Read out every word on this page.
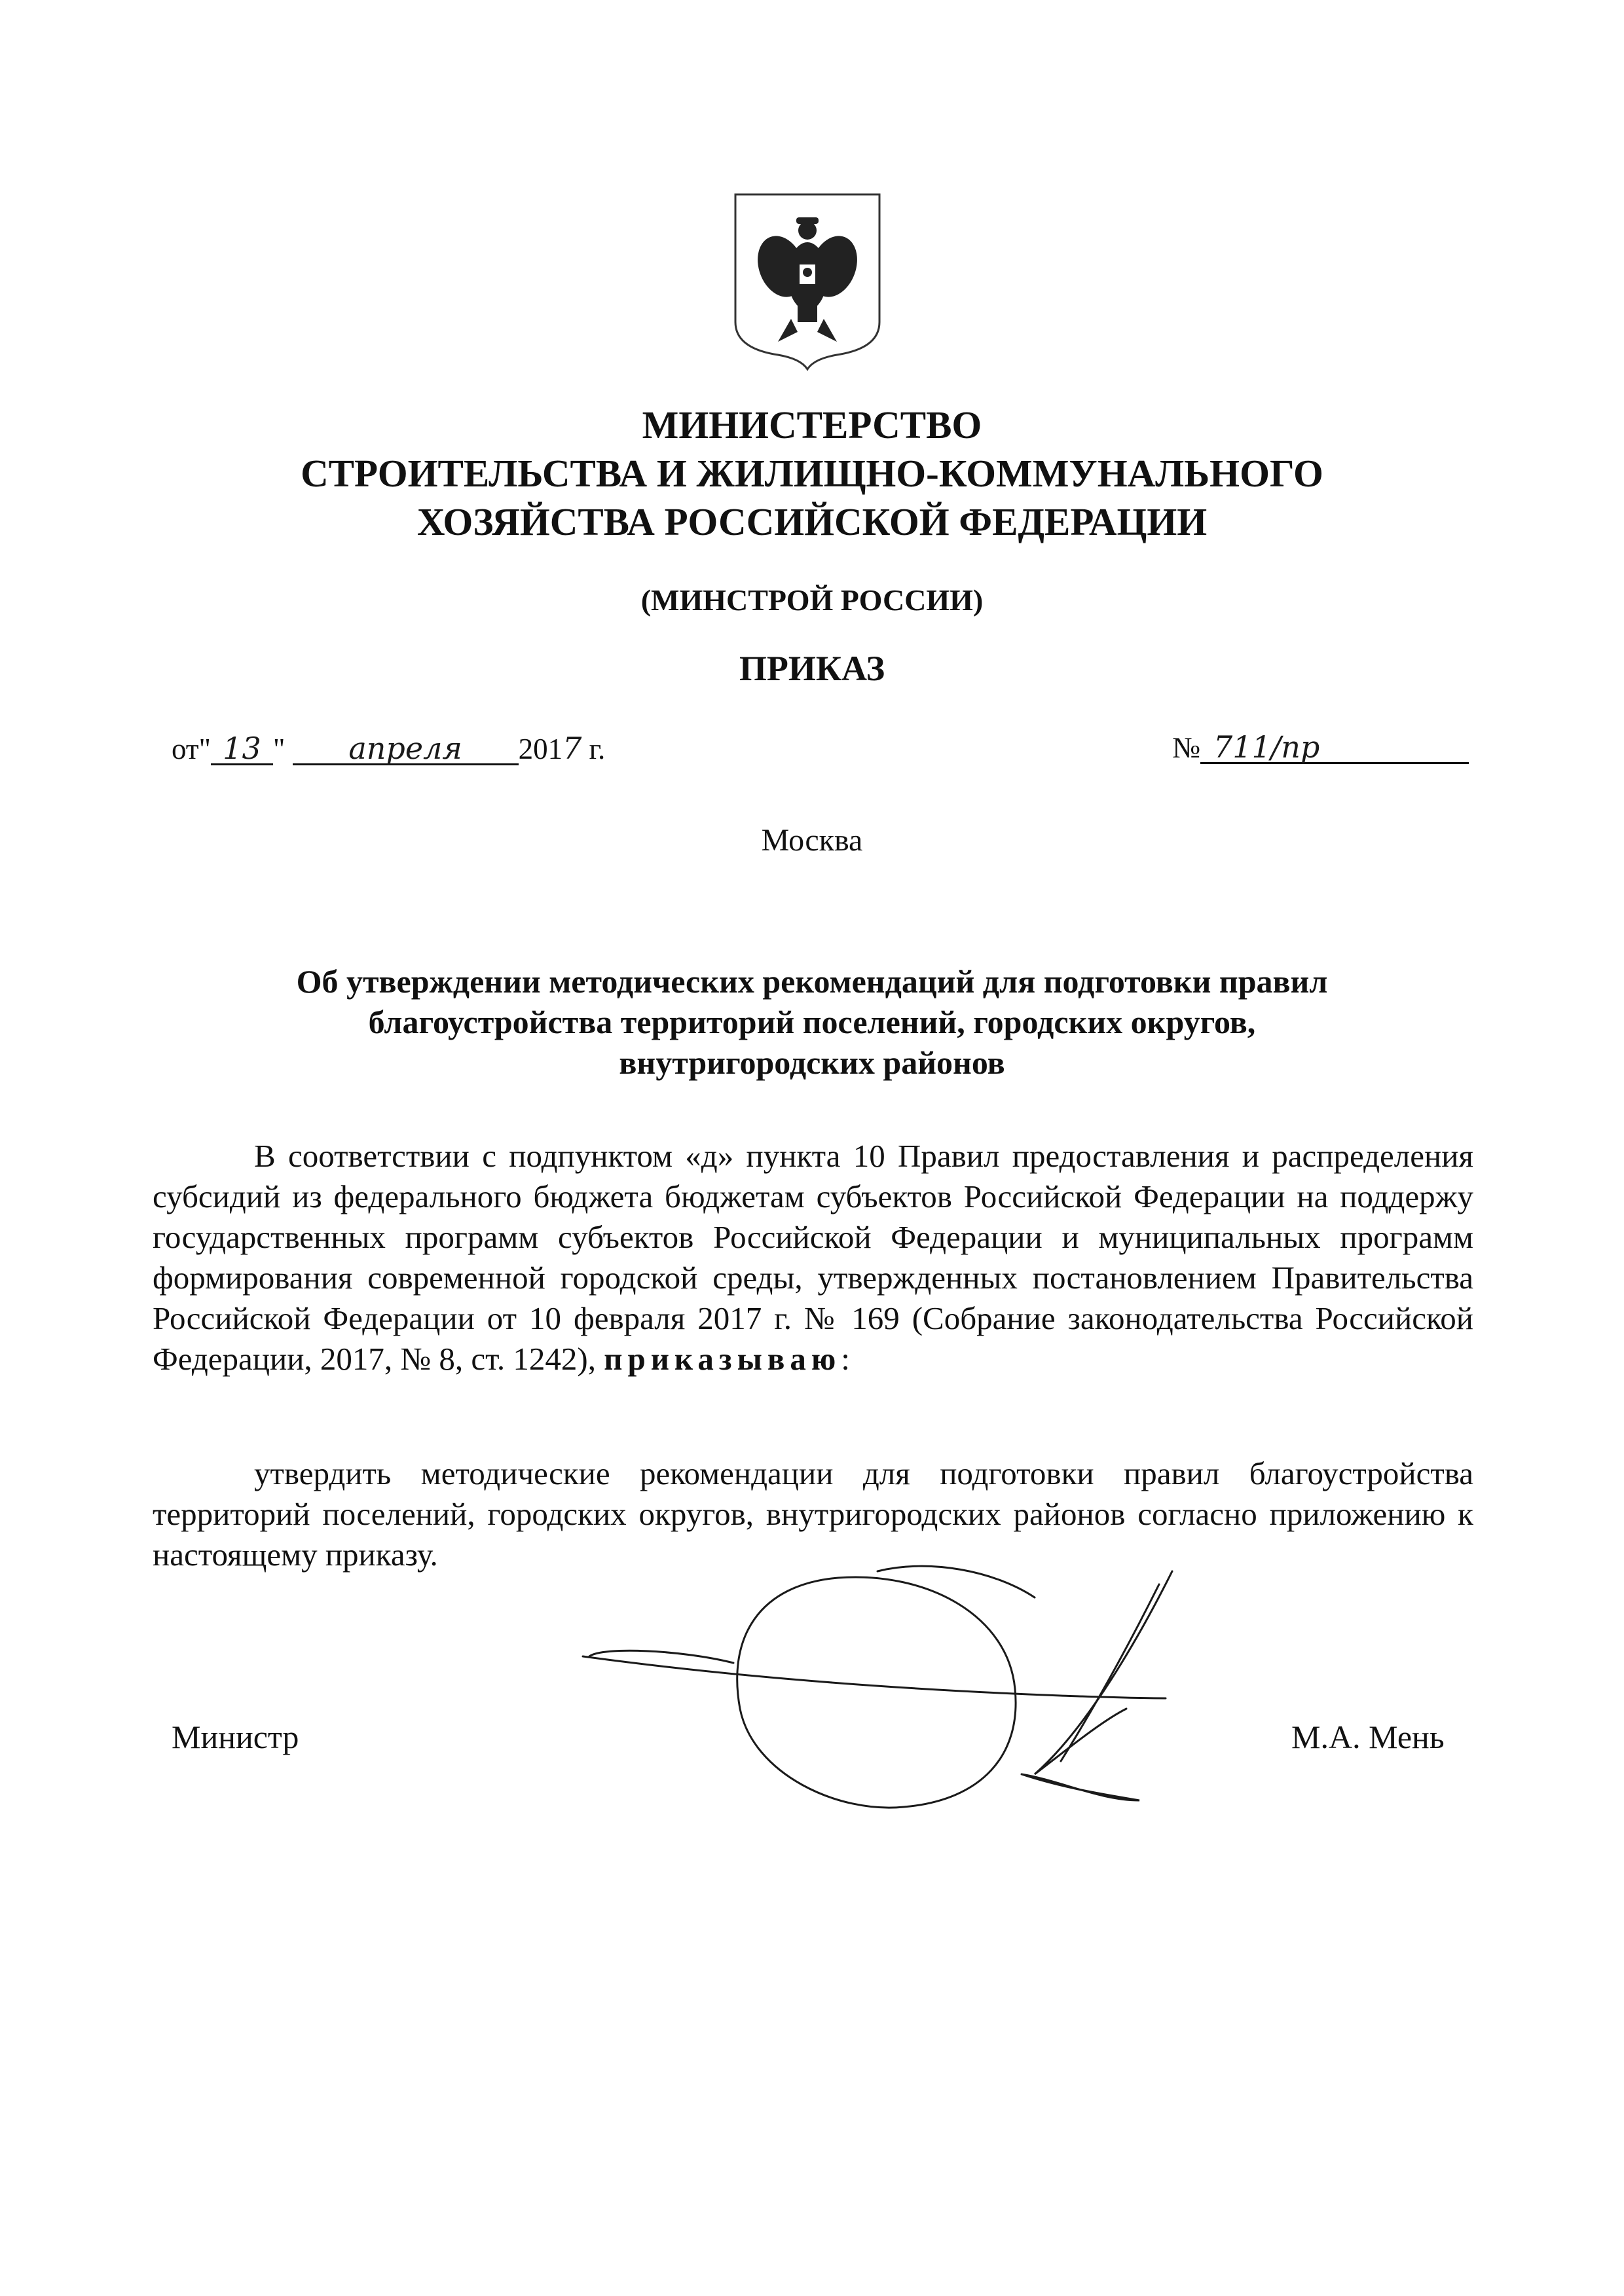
МИНИСТЕРСТВО
СТРОИТЕЛЬСТВА И ЖИЛИЩНО-КОММУНАЛЬНОГО
ХОЗЯЙСТВА РОССИЙСКОЙ ФЕДЕРАЦИИ
(МИНСТРОЙ РОССИИ)
ПРИКАЗ
от" 13 " апреля 2017 г.	№ 711/пр
Москва
Об утверждении методических рекомендаций для подготовки правил
благоустройства территорий поселений, городских округов,
внутригородских районов
В соответствии с подпунктом «д» пункта 10 Правил предоставления и распределения субсидий из федерального бюджета бюджетам субъектов Российской Федерации на поддержу государственных программ субъектов Российской Федерации и муниципальных программ формирования современной городской среды, утвержденных постановлением Правительства Российской Федерации от 10 февраля 2017 г. № 169 (Собрание законодательства Российской Федерации, 2017, № 8, ст. 1242), приказываю:
утвердить методические рекомендации для подготовки правил благоустройства территорий поселений, городских округов, внутригородских районов согласно приложению к настоящему приказу.
Министр	М.А. Мень
